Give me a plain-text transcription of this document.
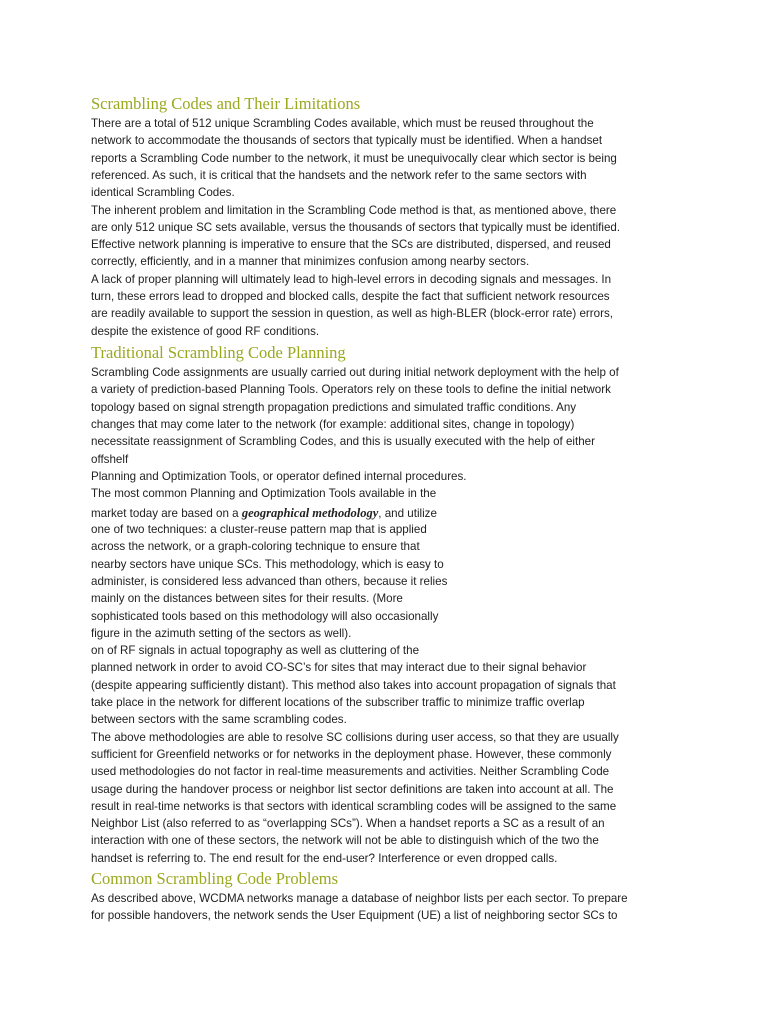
Scrambling Codes and Their Limitations

There are a total of 512 unique Scrambling Codes available, which must be reused throughout the

network to accommodate the thousands of sectors that typically must be identified. When a handset

reports a Scrambling Code number to the network, it must be unequivocally clear which sector is being

referenced. As such, it is critical that the handsets and the network refer to the same sectors with

identical Scrambling Codes.

The inherent problem and limitation in the Scrambling Code method is that, as mentioned above, there

are only 512 unique SC sets available, versus the thousands of sectors that typically must be identified.

Effective network planning is imperative to ensure that the SCs are distributed, dispersed, and reused

correctly, efficiently, and in a manner that minimizes confusion among nearby sectors.

A lack of proper planning will ultimately lead to high-level errors in decoding signals and messages. In

turn, these errors lead to dropped and blocked calls, despite the fact that sufficient network resources

are readily available to support the session in question, as well as high-BLER (block-error rate) errors,

despite the existence of good RF conditions.

Traditional Scrambling Code Planning

Scrambling Code assignments are usually carried out during initial network deployment with the help of

a variety of prediction-based Planning Tools. Operators rely on these tools to define the initial network

topology based on signal strength propagation predictions and simulated traffic conditions. Any

changes that may come later to the network (for example: additional sites, change in topology)

necessitate reassignment of Scrambling Codes, and this is usually executed with the help of either

offshelf

Planning and Optimization Tools, or operator defined internal procedures.

The most common Planning and Optimization Tools available in the

market today are based on a geographical methodology, and utilize

one of two techniques: a cluster-reuse pattern map that is applied

across the network, or a graph-coloring technique to ensure that

nearby sectors have unique SCs. This methodology, which is easy to

administer, is considered less advanced than others, because it relies

mainly on the distances between sites for their results. (More

sophisticated tools based on this methodology will also occasionally

figure in the azimuth setting of the sectors as well).

on of RF signals in actual topography as well as cluttering of the

planned network in order to avoid CO-SC’s for sites that may interact due to their signal behavior

(despite appearing sufficiently distant). This method also takes into account propagation of signals that

take place in the network for different locations of the subscriber traffic to minimize traffic overlap

between sectors with the same scrambling codes.

The above methodologies are able to resolve SC collisions during user access, so that they are usually

sufficient for Greenfield networks or for networks in the deployment phase. However, these commonly

used methodologies do not factor in real-time measurements and activities. Neither Scrambling Code

usage during the handover process or neighbor list sector definitions are taken into account at all. The

result in real-time networks is that sectors with identical scrambling codes will be assigned to the same

Neighbor List (also referred to as “overlapping SCs”). When a handset reports a SC as a result of an

interaction with one of these sectors, the network will not be able to distinguish which of the two the

handset is referring to. The end result for the end-user? Interference or even dropped calls.

Common Scrambling Code Problems

As described above, WCDMA networks manage a database of neighbor lists per each sector. To prepare

for possible handovers, the network sends the User Equipment (UE) a list of neighboring sector SCs to
